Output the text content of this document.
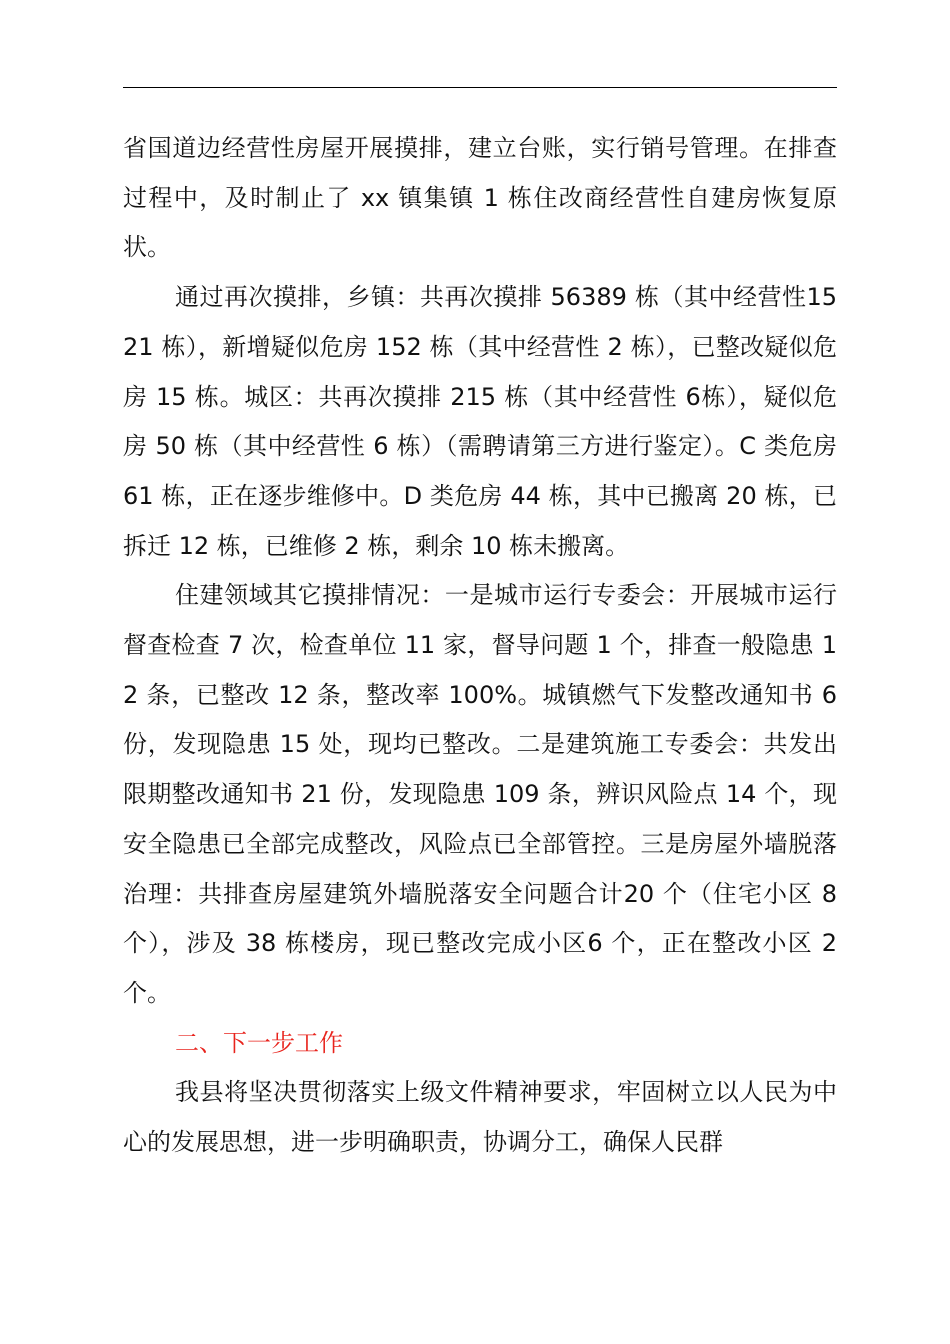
省国道边经营性房屋开展摸排，建立台账，实行销号管理。在排查过程中，及时制止了 xx 镇集镇 1 栋住改商经营性自建房恢复原状。

通过再次摸排，乡镇：共再次摸排 56389 栋（其中经营性1521 栋），新增疑似危房 152 栋（其中经营性 2 栋），已整改疑似危房 15 栋。城区：共再次摸排 215 栋（其中经营性 6栋），疑似危房 50 栋（其中经营性 6 栋）（需聘请第三方进行鉴定）。C 类危房 61 栋，正在逐步维修中。D 类危房 44 栋，其中已搬离 20 栋，已拆迁 12 栋，已维修 2 栋，剩余 10 栋未搬离。

住建领域其它摸排情况：一是城市运行专委会：开展城市运行督查检查 7 次，检查单位 11 家，督导问题 1 个，排查一般隐患 12 条，已整改 12 条，整改率 100%。城镇燃气下发整改通知书 6 份，发现隐患 15 处，现均已整改。二是建筑施工专委会：共发出限期整改通知书 21 份，发现隐患 109 条，辨识风险点 14 个，现安全隐患已全部完成整改，风险点已全部管控。三是房屋外墙脱落治理：共排查房屋建筑外墙脱落安全问题合计20 个（住宅小区 8 个），涉及 38 栋楼房，现已整改完成小区6 个，正在整改小区 2 个。

二、下一步工作

我县将坚决贯彻落实上级文件精神要求，牢固树立以人民为中心的发展思想，进一步明确职责，协调分工，确保人民群
